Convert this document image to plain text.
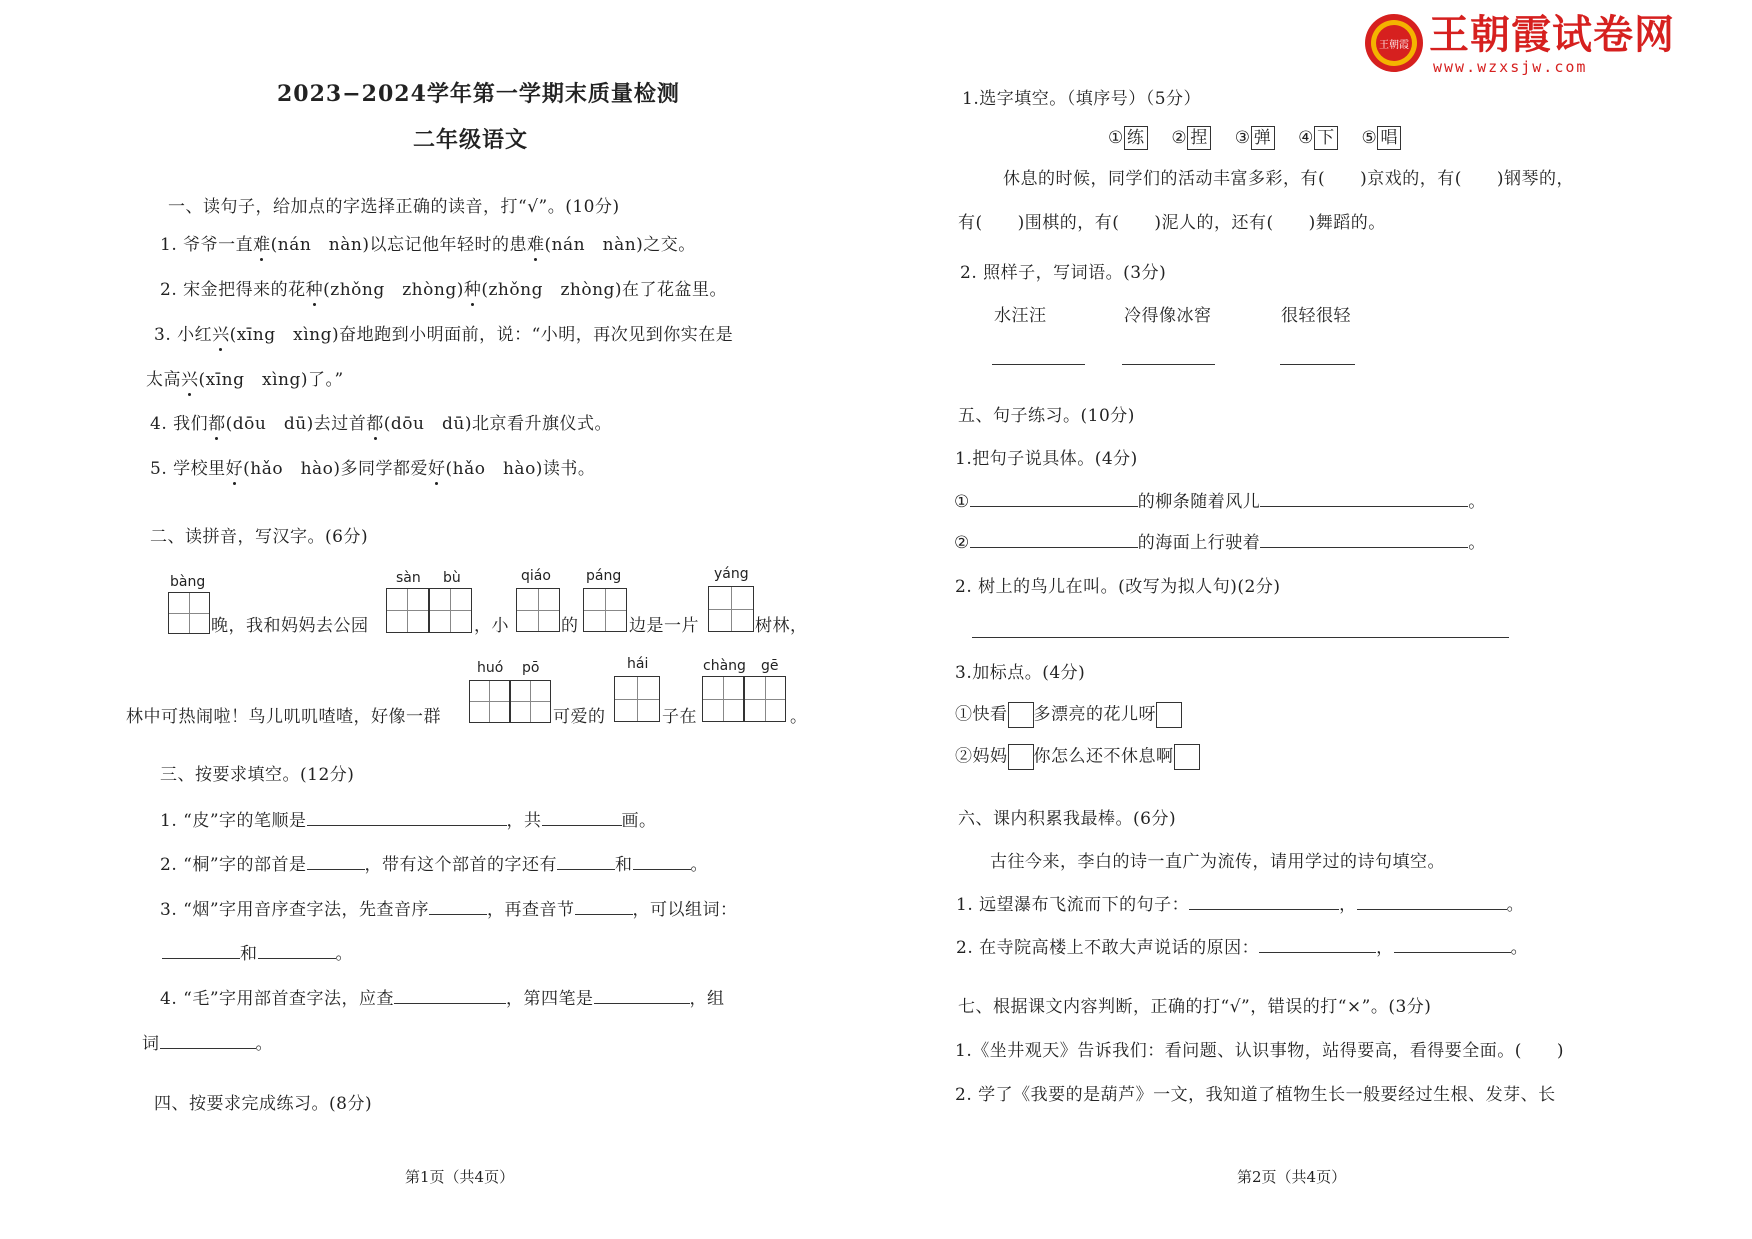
王朝霞 王朝霞试卷网
www.wzxsjw.com
2023−2024学年第一学期末质量检测
二年级语文
一、读句子，给加点的字选择正确的读音，打“√”。(10分)
1. 爷爷一直难(nán　nàn)以忘记他年轻时的患难(nán　nàn)之交。
2. 宋金把得来的花种(zhǒng　zhòng)种(zhǒng　zhòng)在了花盆里。
3. 小红兴(xīng　xìng)奋地跑到小明面前，说：“小明，再次见到你实在是
太高兴(xīng　xìng)了。”
4. 我们都(dōu　dū)去过首都(dōu　dū)北京看升旗仪式。
5. 学校里好(hǎo　hào)多同学都爱好(hǎo　hào)读书。
二、读拼音，写汉字。(6分)
bàng
晚，我和妈妈去公园
sàn bù
，小
qiáo
的
páng
边是一片
yáng
树林，
林中可热闹啦！鸟儿叽叽喳喳，好像一群
huó pō
可爱的
hái
子在
chàng gē
。
三、按要求填空。(12分)
1. “皮”字的笔顺是	，共	画。
2. “桐”字的部首是	，带有这个部首的字还有	和	。
3. “烟”字用音序查字法，先查音序	，再查音节	，可以组词：
和	。
4. “毛”字用部首查字法，应查	，第四笔是	，组
词	。
四、按要求完成练习。(8分)
第1页（共4页）
1.选字填空。（填序号）（5分）
① 练 ② 捏 ③ 弹 ④ 下 ⑤ 唱
休息的时候，同学们的活动丰富多彩，有(　　)京戏的，有(　　)钢琴的，
有(　　)围棋的，有(　　)泥人的，还有(　　)舞蹈的。
2. 照样子，写词语。(3分)
水汪汪	冷得像冰窖	很轻很轻
五、句子练习。(10分)
1.把句子说具体。(4分)
①	的柳条随着风儿	。
②	的海面上行驶着	。
2. 树上的鸟儿在叫。(改写为拟人句)(2分)
3.加标点。(4分)
①快看 多漂亮的花儿呀
②妈妈 你怎么还不休息啊
六、课内积累我最棒。(6分)
古往今来，李白的诗一直广为流传，请用学过的诗句填空。
1. 远望瀑布飞流而下的句子：	，	。
2. 在寺院高楼上不敢大声说话的原因：	，	。
七、根据课文内容判断，正确的打“√”，错误的打“×”。(3分)
1.《坐井观天》告诉我们：看问题、认识事物，站得要高，看得要全面。(　　)
2. 学了《我要的是葫芦》一文，我知道了植物生长一般要经过生根、发芽、长
第2页（共4页）
